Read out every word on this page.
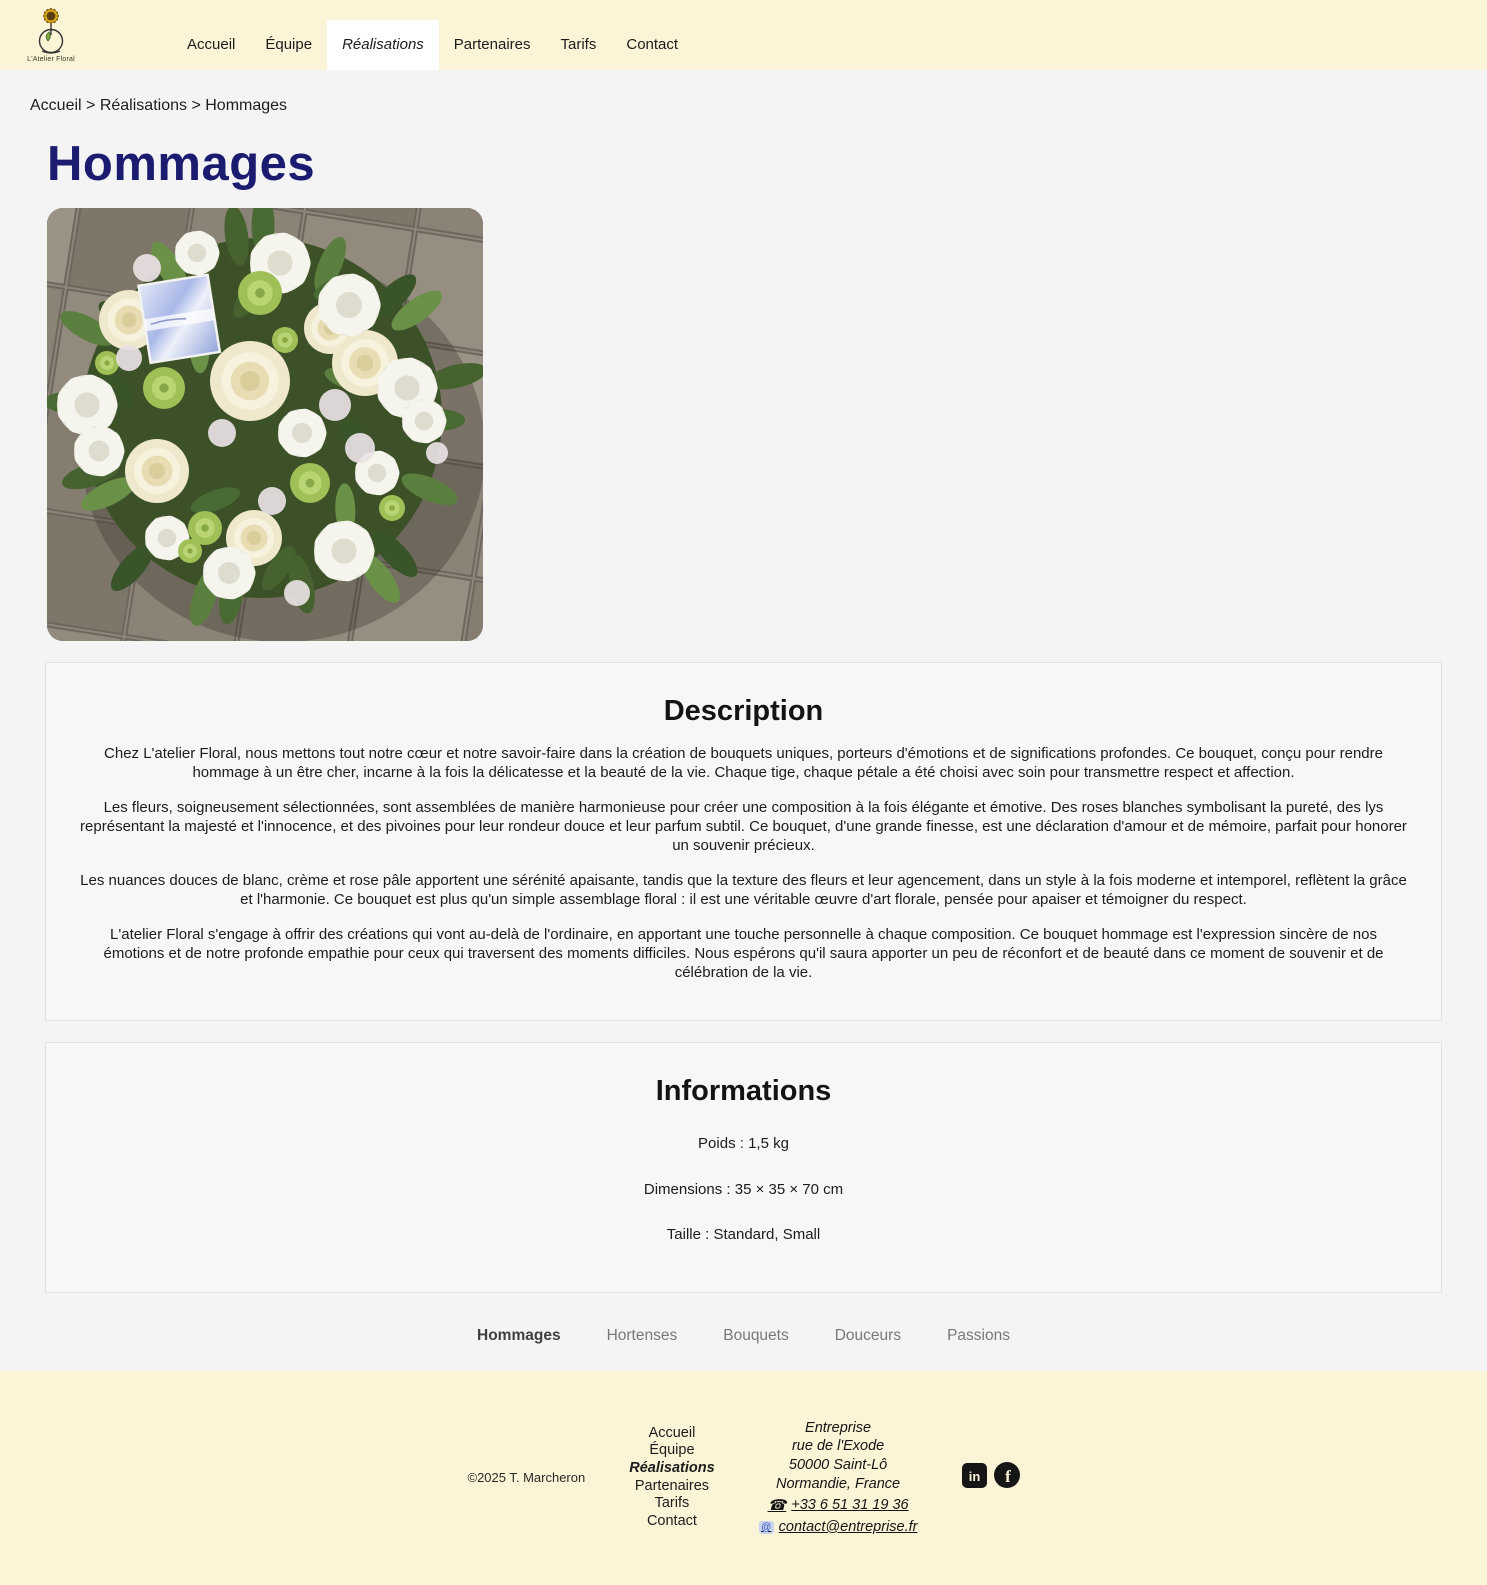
L'Atelier Floral
Accueil	Équipe	Réalisations	Partenaires	Tarifs	Contact
Accueil > Réalisations > Hommages
Hommages
Description

Chez L'atelier Floral, nous mettons tout notre cœur et notre savoir-faire dans la création de bouquets uniques, porteurs d'émotions et de significations profondes. Ce bouquet, conçu pour rendre hommage à un être cher, incarne à la fois la délicatesse et la beauté de la vie. Chaque tige, chaque pétale a été choisi avec soin pour transmettre respect et affection.

Les fleurs, soigneusement sélectionnées, sont assemblées de manière harmonieuse pour créer une composition à la fois élégante et émotive. Des roses blanches symbolisant la pureté, des lys représentant la majesté et l'innocence, et des pivoines pour leur rondeur douce et leur parfum subtil. Ce bouquet, d'une grande finesse, est une déclaration d'amour et de mémoire, parfait pour honorer un souvenir précieux.

Les nuances douces de blanc, crème et rose pâle apportent une sérénité apaisante, tandis que la texture des fleurs et leur agencement, dans un style à la fois moderne et intemporel, reflètent la grâce et l'harmonie. Ce bouquet est plus qu'un simple assemblage floral : il est une véritable œuvre d'art florale, pensée pour apaiser et témoigner du respect.

L'atelier Floral s'engage à offrir des créations qui vont au-delà de l'ordinaire, en apportant une touche personnelle à chaque composition. Ce bouquet hommage est l'expression sincère de nos émotions et de notre profonde empathie pour ceux qui traversent des moments difficiles. Nous espérons qu'il saura apporter un peu de réconfort et de beauté dans ce moment de souvenir et de célébration de la vie.

Informations

Poids : 1,5 kg

Dimensions : 35 × 35 × 70 cm

Taille : Standard, Small

Hommages	Hortenses	Bouquets	Douceurs	Passions
©2025 T. Marcheron
Accueil
Équipe
Réalisations
Partenaires
Tarifs
Contact
Entreprise
rue de l'Exode
50000 Saint-Lô
Normandie, France
☎ +33 6 51 31 19 36
@ contact@entreprise.fr
in f
